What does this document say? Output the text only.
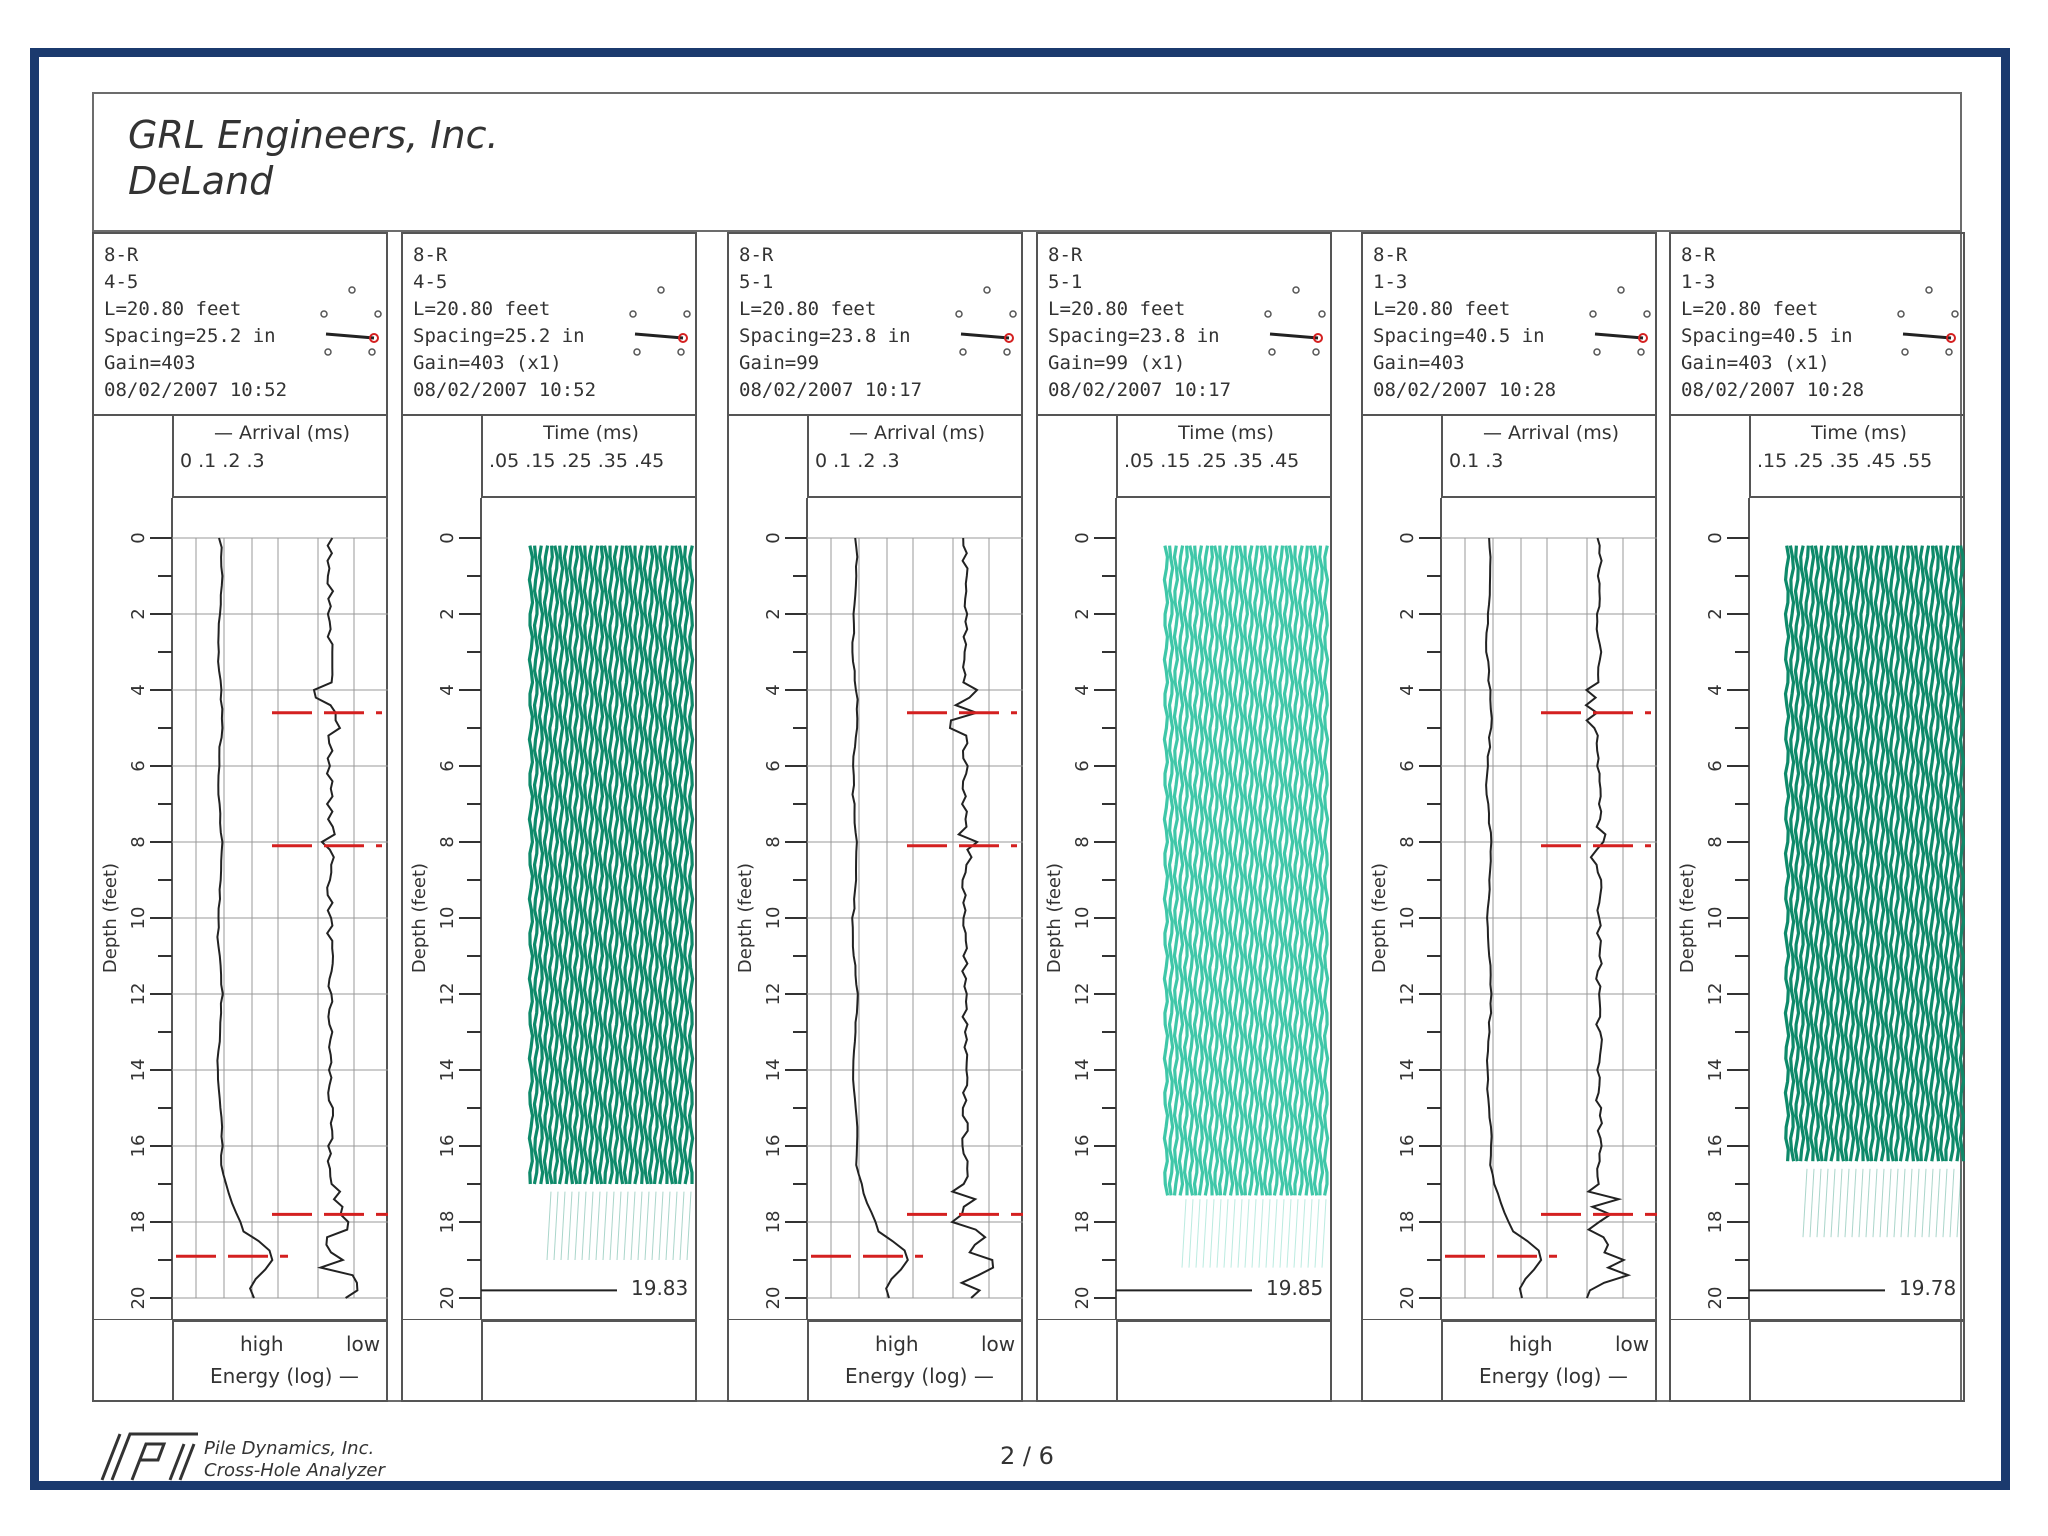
GRL Engineers, Inc.
DeLand
8-R
4-5
L=20.80 feet
Spacing=25.2 in
Gain=403
08/02/2007 10:52
— Arrival (ms)
0 .1 .2 .3
0
2
4
6
8
10
12
14
16
18
20
Depth (feet)
high	low
Energy (log) —
8-R
4-5
L=20.80 feet
Spacing=25.2 in
Gain=403 (x1)
08/02/2007 10:52
Time (ms)
.05 .15 .25 .35 .45
0
2
4
6
8
10
12
14
16
18
20
Depth (feet)
19.83
8-R
5-1
L=20.80 feet
Spacing=23.8 in
Gain=99
08/02/2007 10:17
— Arrival (ms)
0 .1 .2 .3
0
2
4
6
8
10
12
14
16
18
20
Depth (feet)
high	low
Energy (log) —
8-R
5-1
L=20.80 feet
Spacing=23.8 in
Gain=99 (x1)
08/02/2007 10:17
Time (ms)
.05 .15 .25 .35 .45
0
2
4
6
8
10
12
14
16
18
20
Depth (feet)
19.85
8-R
1-3
L=20.80 feet
Spacing=40.5 in
Gain=403
08/02/2007 10:28
— Arrival (ms)
0.1 .3
0
2
4
6
8
10
12
14
16
18
20
Depth (feet)
high	low
Energy (log) —
8-R
1-3
L=20.80 feet
Spacing=40.5 in
Gain=403 (x1)
08/02/2007 10:28
Time (ms)
.15 .25 .35 .45 .55
0
2
4
6
8
10
12
14
16
18
20
Depth (feet)
19.78
2 / 6
Pile Dynamics, Inc.
Cross-Hole Analyzer
